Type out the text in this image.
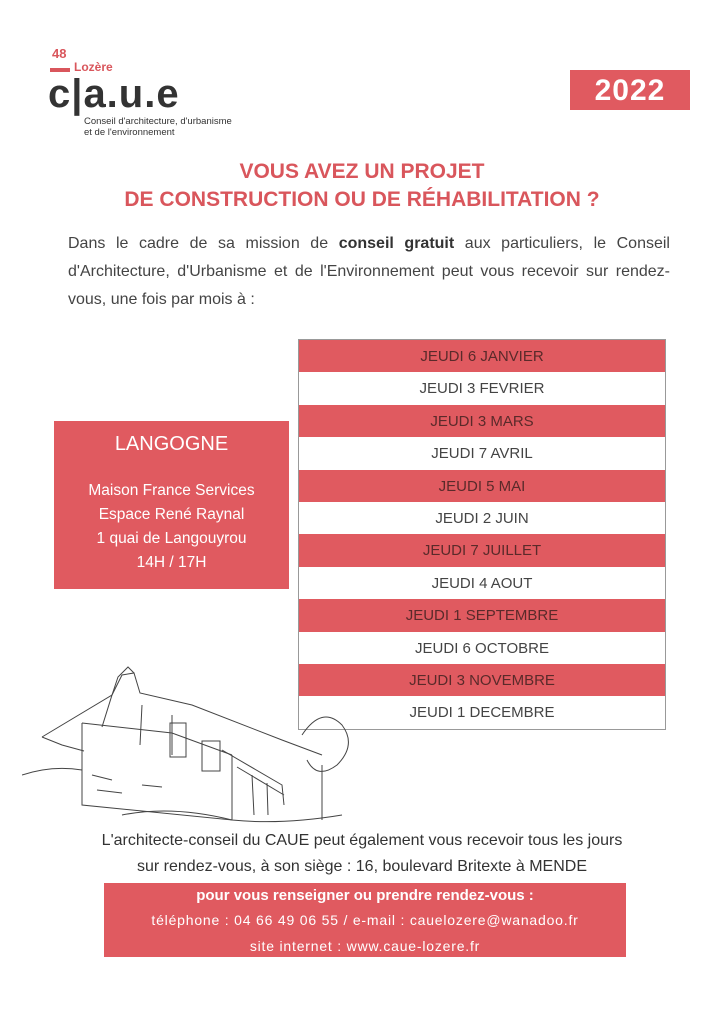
48
Lozère
c|a.u.e
Conseil d'architecture, d'urbanisme
et de l'environnement
2022
VOUS AVEZ UN PROJET
DE CONSTRUCTION OU DE RÉHABILITATION ?
Dans le cadre de sa mission de conseil gratuit aux particuliers, le Conseil d'Architecture, d'Urbanisme et de l'Environnement peut vous recevoir sur rendez-vous, une fois par mois à :
LANGOGNE
Maison France Services
Espace René Raynal
1 quai de Langouyrou
14H / 17H
JEUDI 6 JANVIER
JEUDI 3 FEVRIER
JEUDI 3 MARS
JEUDI 7 AVRIL
JEUDI 5 MAI
JEUDI 2 JUIN
JEUDI 7 JUILLET
JEUDI 4 AOUT
JEUDI 1 SEPTEMBRE
JEUDI 6 OCTOBRE
JEUDI 3 NOVEMBRE
JEUDI 1 DECEMBRE
L'architecte-conseil du CAUE peut également vous recevoir tous les jours
sur rendez-vous, à son siège : 16, boulevard Britexte à MENDE
pour vous renseigner ou prendre rendez-vous :
téléphone : 04 66 49 06 55 / e-mail : cauelozere@wanadoo.fr
site internet : www.caue-lozere.fr
